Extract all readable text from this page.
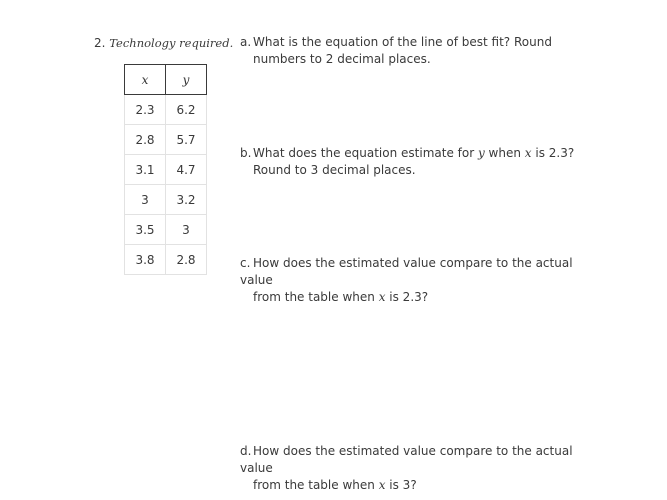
2. Technology required.
x	y
2.3	6.2
2.8	5.7
3.1	4.7
3	3.2
3.5	3
3.8	2.8
a. What is the equation of the line of best fit? Round
numbers to 2 decimal places.
b. What does the equation estimate for y when x is 2.3?
Round to 3 decimal places.
c. How does the estimated value compare to the actual value
from the table when x is 2.3?
d. How does the estimated value compare to the actual value
from the table when x is 3?
